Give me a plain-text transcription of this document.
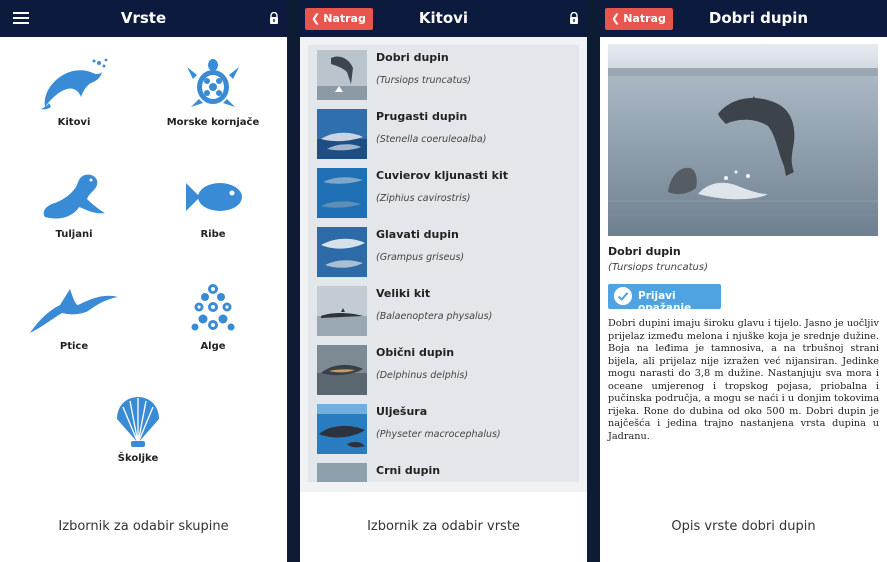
Vrste
Kitovi	Morske kornjače
Tuljani	Ribe
Ptice	Alge
Školjke
Izbornik za odabir skupine
❮ Natrag	Kitovi
Dobri dupin
(Tursiops truncatus)
Prugasti dupin
(Stenella coeruleoalba)
Cuvierov kljunasti kit
(Ziphius cavirostris)
Glavati dupin
(Grampus griseus)
Veliki kit
(Balaenoptera physalus)
Obični dupin
(Delphinus delphis)
Ulješura
(Physeter macrocephalus)
Crni dupin
Izbornik za odabir vrste
❮ Natrag	Dobri dupin
Dobri dupin
(Tursiops truncatus)
Prijavi opažanje
Dobri dupini imaju široku glavu i tijelo. Jasno je uočljiv prijelaz između melona i njuške koja je srednje dužine. Boja na leđima je tamnosiva, a na trbušnoj strani bijela, ali prijelaz nije izražen već nijansiran. Jedinke mogu narasti do 3,8 m dužine. Nastanjuju sva mora i oceane umjerenog i tropskog pojasa, priobalna i pučinska područja, a mogu se naći i u donjim tokovima rijeka. Rone do dubina od oko 500 m. Dobri dupin je najčešća i jedina trajno nastanjena vrsta dupina u Jadranu.
Opis vrste dobri dupin
